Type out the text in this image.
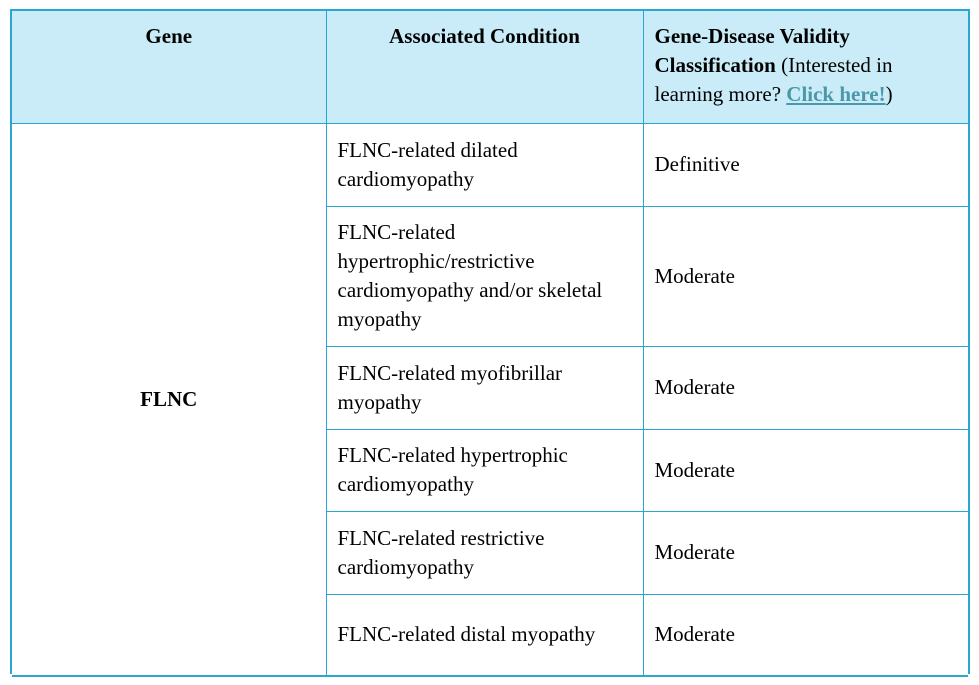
Gene	Associated Condition	Gene-Disease Validity Classification (Interested in learning more? Click here!)
FLNC	FLNC-related dilated cardiomyopathy	Definitive
	FLNC-related hypertrophic/restrictive cardiomyopathy and/or skeletal myopathy	Moderate
	FLNC-related myofibrillar myopathy	Moderate
	FLNC-related hypertrophic cardiomyopathy	Moderate
	FLNC-related restrictive cardiomyopathy	Moderate
	FLNC-related distal myopathy	Moderate
